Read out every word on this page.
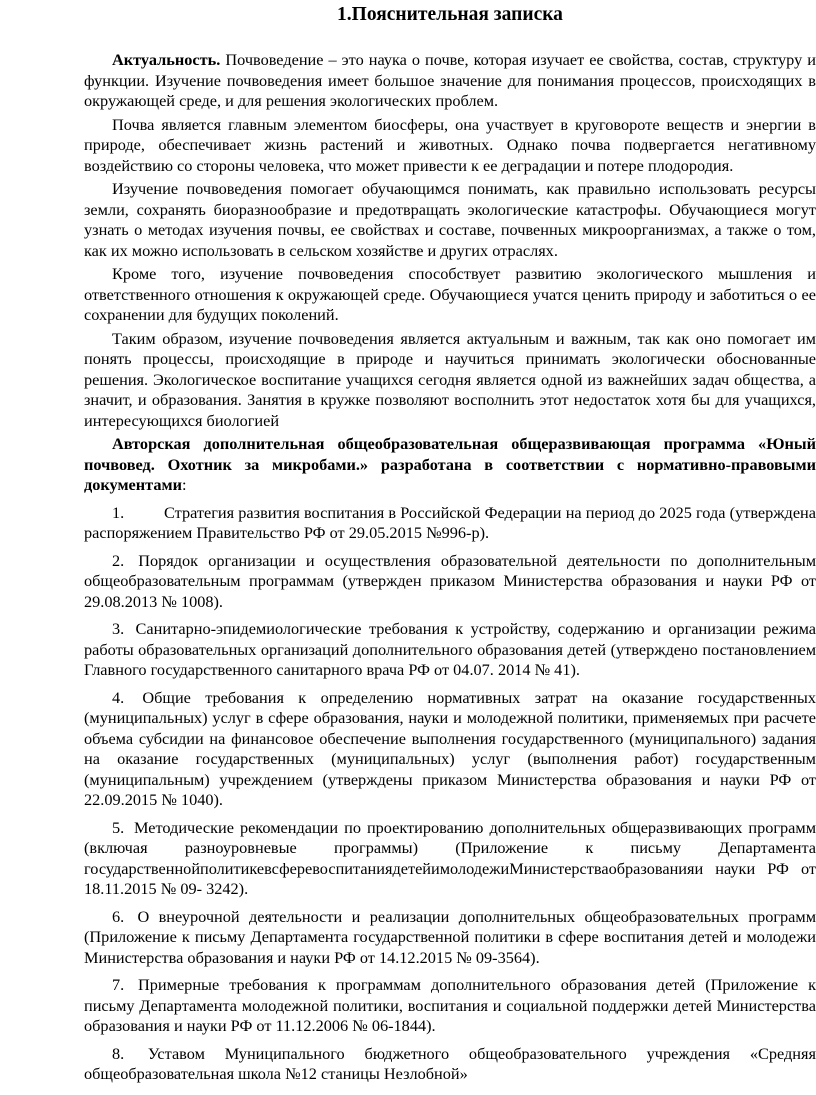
1.Пояснительная записка

Актуальность. Почвоведение – это наука о почве, которая изучает ее свойства, состав, структуру и функции. Изучение почвоведения имеет большое значение для понимания процессов, происходящих в окружающей среде, и для решения экологических проблем.

Почва является главным элементом биосферы, она участвует в круговороте веществ и энергии в природе, обеспечивает жизнь растений и животных. Однако почва подвергается негативному воздействию со стороны человека, что может привести к ее деградации и потере плодородия.

Изучение почвоведения помогает обучающимся понимать, как правильно использовать ресурсы земли, сохранять биоразнообразие и предотвращать экологические катастрофы. Обучающиеся могут узнать о методах изучения почвы, ее свойствах и составе, почвенных микроорганизмах, а также о том, как их можно использовать в сельском хозяйстве и других отраслях.

Кроме того, изучение почвоведения способствует развитию экологического мышления и ответственного отношения к окружающей среде. Обучающиеся учатся ценить природу и заботиться о ее сохранении для будущих поколений.

Таким образом, изучение почвоведения является актуальным и важным, так как оно помогает им понять процессы, происходящие в природе и научиться принимать экологически обоснованные решения. Экологическое воспитание учащихся сегодня является одной из важнейших задач общества, а значит, и образования. Занятия в кружке позволяют восполнить этот недостаток хотя бы для учащихся, интересующихся биологией

Авторская дополнительная общеобразовательная общеразвивающая программа «Юный почвовед. Охотник за микробами.» разработана в соответствии с нормативно-правовыми документами:

1. Стратегия развития воспитания в Российской Федерации на период до 2025 года (утверждена распоряжением Правительство РФ от 29.05.2015 №996-р).

2. Порядок организации и осуществления образовательной деятельности по дополнительным общеобразовательным программам (утвержден приказом Министерства образования и науки РФ от 29.08.2013 № 1008).

3. Санитарно-эпидемиологические требования к устройству, содержанию и организации режима работы образовательных организаций дополнительного образования детей (утверждено постановлением Главного государственного санитарного врача РФ от 04.07. 2014 № 41).

4. Общие требования к определению нормативных затрат на оказание государственных (муниципальных) услуг в сфере образования, науки и молодежной политики, применяемых при расчете объема субсидии на финансовое обеспечение выполнения государственного (муниципального) задания на оказание государственных (муниципальных) услуг (выполнения работ) государственным (муниципальным) учреждением (утверждены приказом Министерства образования и науки РФ от 22.09.2015 № 1040).

5. Методические рекомендации по проектированию дополнительных общеразвивающих программ (включая разноуровневые программы) (Приложение к письму Департамента государственнойполитикевсферевоспитаниядетейимолодежиМинистерстваобразованияи науки РФ от 18.11.2015 № 09- 3242).

6. О внеурочной деятельности и реализации дополнительных общеобразовательных программ (Приложение к письму Департамента государственной политики в сфере воспитания детей и молодежи Министерства образования и науки РФ от 14.12.2015 № 09-3564).

7. Примерные требования к программам дополнительного образования детей (Приложение к письму Департамента молодежной политики, воспитания и социальной поддержки детей Министерства образования и науки РФ от 11.12.2006 № 06-1844).

8. Уставом Муниципального бюджетного общеобразовательного учреждения «Средняя общеобразовательная школа №12 станицы Незлобной»
